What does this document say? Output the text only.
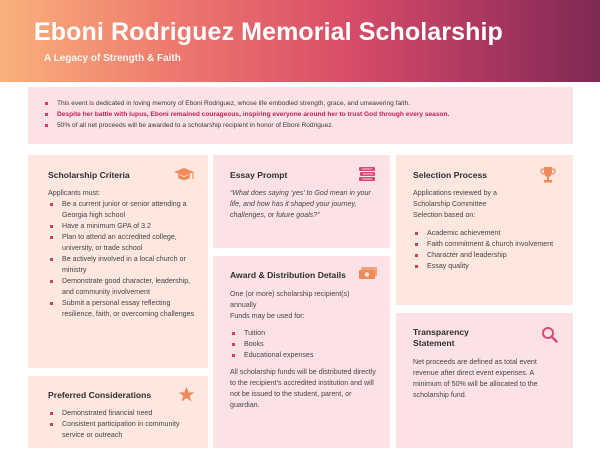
Eboni Rodriguez Memorial Scholarship
A Legacy of Strength & Faith
This event is dedicated in loving memory of Eboni Rodriguez, whose life embodied strength, grace, and unwavering faith.
Despite her battle with lupus, Eboni remained courageous, inspiring everyone around her to trust God through every season.
50% of all net proceeds will be awarded to a scholarship recipient in honor of Eboni Rodriguez.
Scholarship Criteria
Applicants must:
Be a current junior or senior attending a Georgia high school
Have a minimum GPA of 3.2
Plan to attend an accredited college, university, or trade school
Be actively involved in a local church or ministry
Demonstrate good character, leadership, and community involvement
Submit a personal essay reflecting resilience, faith, or overcoming challenges
Essay Prompt

“What does saying ‘yes’ to God mean in your life, and how has it shaped your journey, challenges, or future goals?”

Award & Distribution Details

One (or more) scholarship recipient(s) annually

Funds may be used for:

Tuition
Books
Educational expenses

All scholarship funds will be distributed directly to the recipient’s accredited institution and will not be issued to the student, parent, or guardian.

Selection Process

Applications reviewed by a Scholarship Committee

Selection based on:

Academic achievement
Faith commitment & church involvement
Character and leadership
Essay quality
Transparency Statement

Net proceeds are defined as total event revenue after direct event expenses. A minimum of 50% will be allocated to the scholarship fund.

Preferred Considerations
Demonstrated financial need
Consistent participation in community service or outreach
